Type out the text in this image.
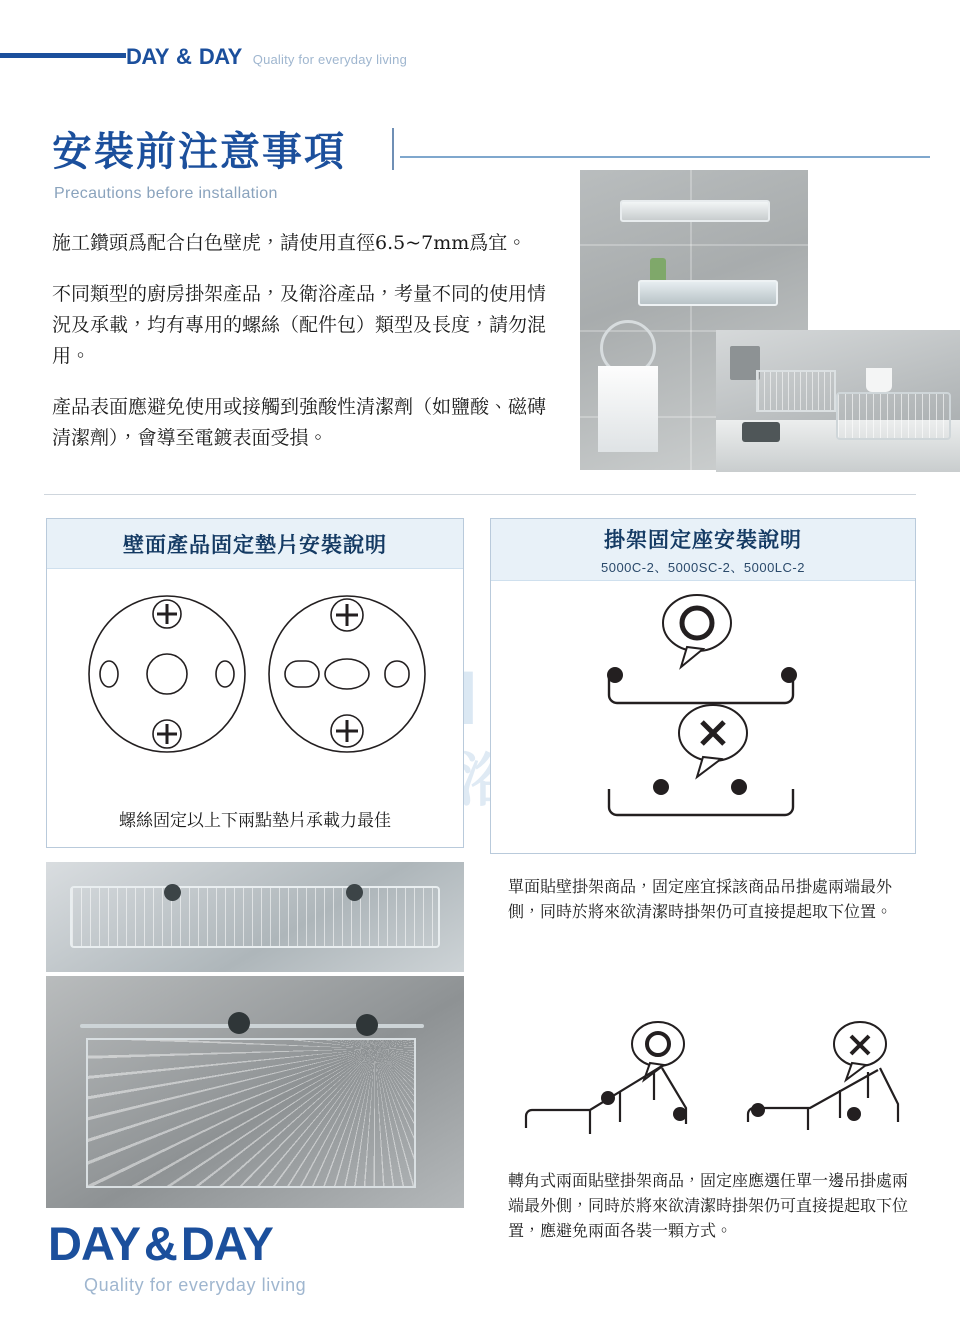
DAY & DAY Quality for everyday living
安裝前注意事項
Precautions before installation

施工鑽頭爲配合白色壁虎，請使用直徑6.5~7mm爲宜。

不同類型的廚房掛架產品，及衛浴產品，考量不同的使用情況及承載，均有專用的螺絲（配件包）類型及長度，請勿混用。

產品表面應避免使用或接觸到強酸性清潔劑（如鹽酸、磁磚清潔劑），會導至電鍍表面受損。

壁面產品固定墊片安裝說明
螺絲固定以上下兩點墊片承載力最佳
掛架固定座安裝說明
5000C-2、5000SC-2、5000LC-2
單面貼壁掛架商品，固定座宜採該商品吊掛處兩端最外側，同時於將來欲清潔時掛架仍可直接提起取下位置。
轉角式兩面貼壁掛架商品，固定座應選任單一邊吊掛處兩端最外側，同時於將來欲清潔時掛架仍可直接提起取下位置，應避免兩面各裝一顆方式。
DAY & DAY
Quality for everyday living
